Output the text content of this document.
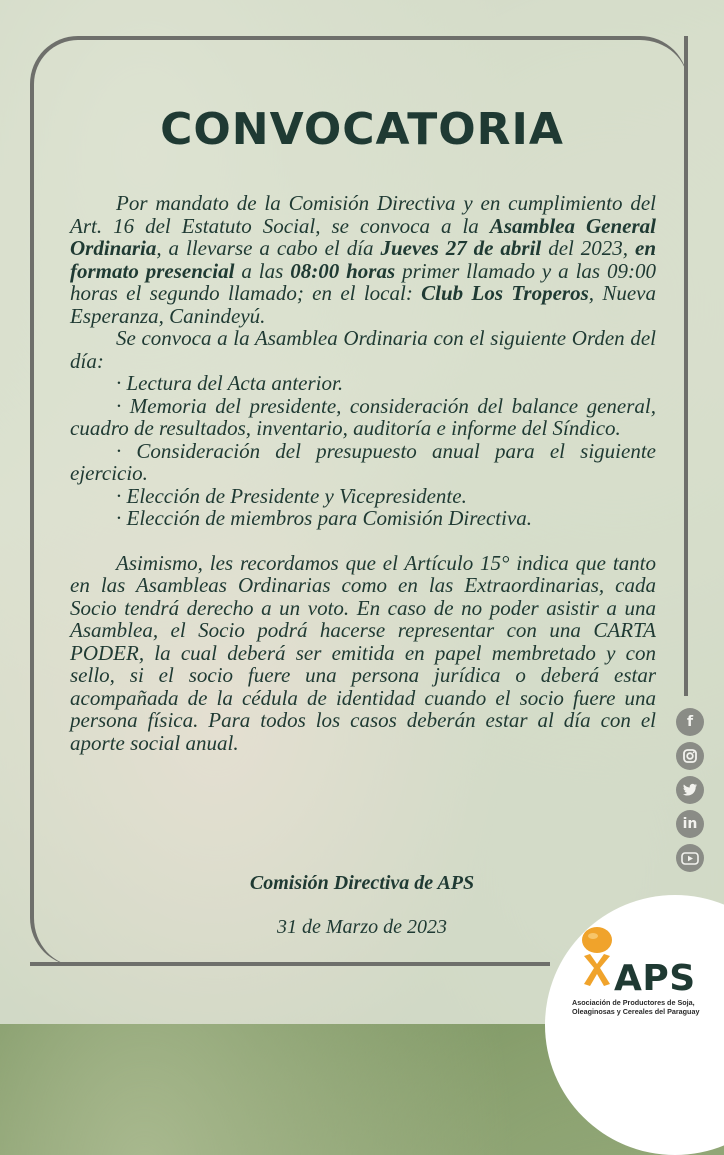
CONVOCATORIA

Por mandato de la Comisión Directiva y en cumplimiento del Art. 16 del Estatuto Social, se convoca a la Asamblea General Ordinaria, a llevarse a cabo el día Jueves 27 de abril del 2023, en formato presencial a las 08:00 horas primer llamado y a las 09:00 horas el segundo llamado; en el local: Club Los Troperos, Nueva Esperanza, Canindeyú.

Se convoca a la Asamblea Ordinaria con el siguiente Orden del día:

· Lectura del Acta anterior.

· Memoria del presidente, consideración del balance general, cuadro de resultados, inventario, auditoría e informe del Síndico.

· Consideración del presupuesto anual para el siguiente ejercicio.

· Elección de Presidente y Vicepresidente.

· Elección de miembros para Comisión Directiva.

Asimismo, les recordamos que el Artículo 15° indica que tanto en las Asambleas Ordinarias como en las Extraordinarias, cada Socio tendrá derecho a un voto. En caso de no poder asistir a una Asamblea, el Socio podrá hacerse representar con una CARTA PODER, la cual deberá ser emitida en papel membretado y con sello, si el socio fuere una persona jurídica o deberá estar acompañada de la cédula de identidad cuando el socio fuere una persona física. Para todos los casos deberán estar al día con el aporte social anual.

Comisión Directiva de APS
31 de Marzo de 2023
f
in
APS
Asociación de Productores de Soja, Oleaginosas y Cereales del Paraguay
